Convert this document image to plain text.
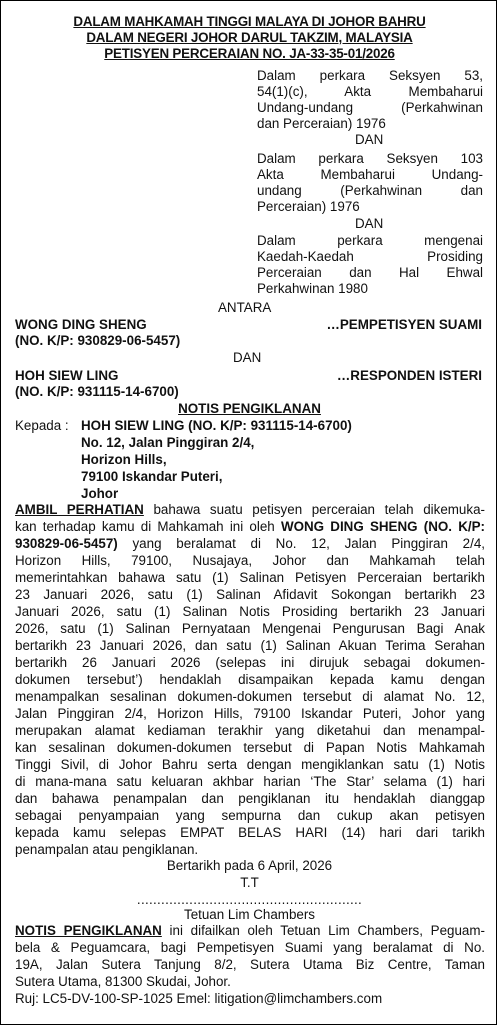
DALAM MAHKAMAH TINGGI MALAYA DI JOHOR BAHRU
DALAM NEGERI JOHOR DARUL TAKZIM, MALAYSIA
PETISYEN PERCERAIAN NO. JA-33-35-01/2026
Dalam perkara Seksyen 53,
54(1)(c), Akta Membaharui
Undang-undang (Perkahwinan
dan Perceraian) 1976
DAN
Dalam perkara Seksyen 103
Akta Membaharui Undang-
undang (Perkahwinan dan
Perceraian) 1976
DAN
Dalam perkara mengenai
Kaedah-Kaedah Prosiding
Perceraian dan Hal Ehwal
Perkahwinan 1980
ANTARA
WONG DING SHENG	…PEMPETISYEN SUAMI
(NO. K/P: 930829-06-5457)
DAN
HOH SIEW LING	…RESPONDEN ISTERI
(NO. K/P: 931115-14-6700)
NOTIS PENGIKLANAN
Kepada : HOH SIEW LING (NO. K/P: 931115-14-6700)
No. 12, Jalan Pinggiran 2/4,
Horizon Hills,
79100 Iskandar Puteri,
Johor
AMBIL PERHATIAN bahawa suatu petisyen perceraian telah dikemuka-
kan terhadap kamu di Mahkamah ini oleh WONG DING SHENG (NO. K/P:
930829-06-5457) yang beralamat di No. 12, Jalan Pinggiran 2/4,
Horizon Hills, 79100, Nusajaya, Johor dan Mahkamah telah
memerintahkan bahawa satu (1) Salinan Petisyen Perceraian bertarikh
23 Januari 2026, satu (1) Salinan Afidavit Sokongan bertarikh 23
Januari 2026, satu (1) Salinan Notis Prosiding bertarikh 23 Januari
2026, satu (1) Salinan Pernyataan Mengenai Pengurusan Bagi Anak
bertarikh 23 Januari 2026, dan satu (1) Salinan Akuan Terima Serahan
bertarikh 26 Januari 2026 (selepas ini dirujuk sebagai dokumen-
dokumen tersebut’) hendaklah disampaikan kepada kamu dengan
menampalkan sesalinan dokumen-dokumen tersebut di alamat No. 12,
Jalan Pinggiran 2/4, Horizon Hills, 79100 Iskandar Puteri, Johor yang
merupakan alamat kediaman terakhir yang diketahui dan menampal-
kan sesalinan dokumen-dokumen tersebut di Papan Notis Mahkamah
Tinggi Sivil, di Johor Bahru serta dengan mengiklankan satu (1) Notis
di mana-mana satu keluaran akhbar harian ‘The Star’ selama (1) hari
dan bahawa penampalan dan pengiklanan itu hendaklah dianggap
sebagai penyampaian yang sempurna dan cukup akan petisyen
kepada kamu selepas EMPAT BELAS HARI (14) hari dari tarikh
penampalan atau pengiklanan.
Bertarikh pada 6 April, 2026
T.T
........................................................
Tetuan Lim Chambers
NOTIS PENGIKLANAN ini difailkan oleh Tetuan Lim Chambers, Peguam-
bela & Peguamcara, bagi Pempetisyen Suami yang beralamat di No.
19A, Jalan Sutera Tanjung 8/2, Sutera Utama Biz Centre, Taman
Sutera Utama, 81300 Skudai, Johor.
Ruj: LC5-DV-100-SP-1025 Emel: litigation@limchambers.com
